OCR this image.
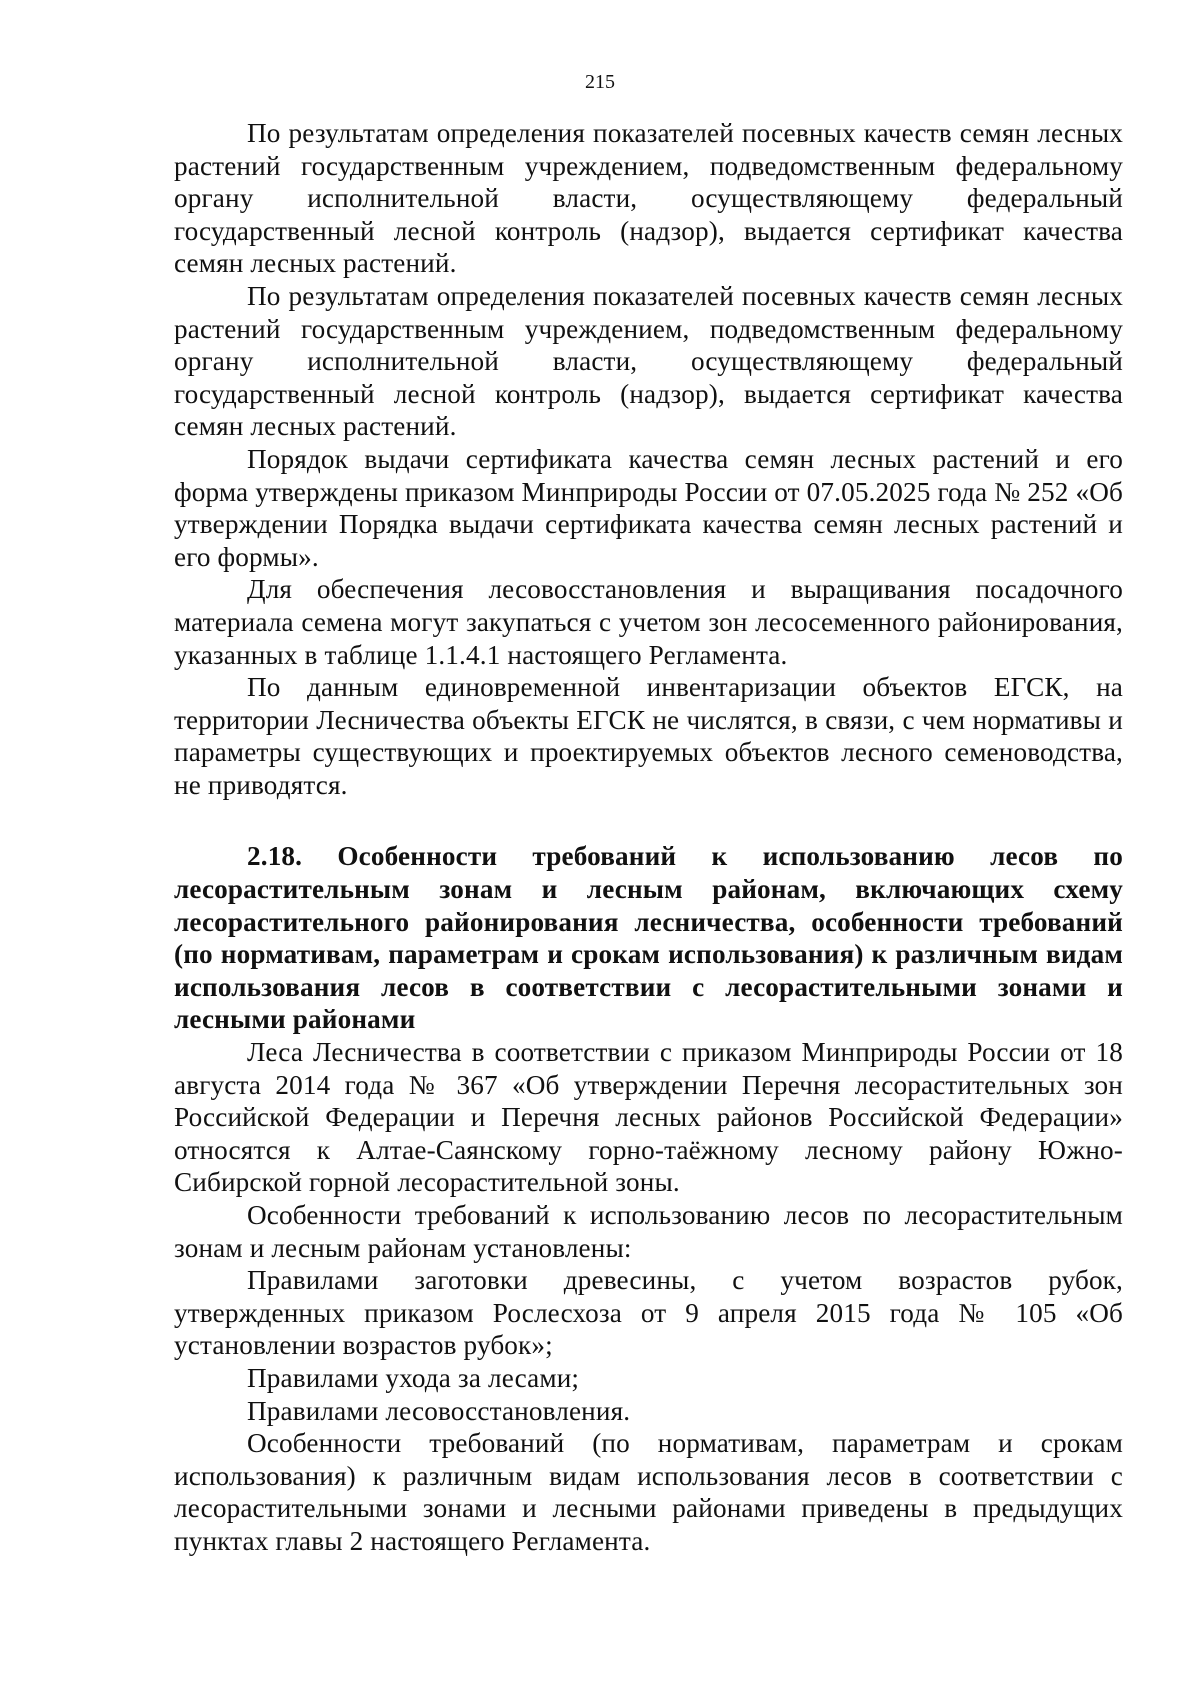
215

По результатам определения показателей посевных качеств семян лесных растений государственным учреждением, подведомственным федеральному органу исполнительной власти, осуществляющему федеральный государственный лесной контроль (надзор), выдается сертификат качества семян лесных растений.

По результатам определения показателей посевных качеств семян лесных растений государственным учреждением, подведомственным федеральному органу исполнительной власти, осуществляющему федеральный государственный лесной контроль (надзор), выдается сертификат качества семян лесных растений.

Порядок выдачи сертификата качества семян лесных растений и его форма утверждены приказом Минприроды России от 07.05.2025 года № 252 «Об утверждении Порядка выдачи сертификата качества семян лесных растений и его формы».

Для обеспечения лесовосстановления и выращивания посадочного материала семена могут закупаться с учетом зон лесосеменного районирования, указанных в таблице 1.1.4.1 настоящего Регламента.

По данным единовременной инвентаризации объектов ЕГСК, на территории Лесничества объекты ЕГСК не числятся, в связи, с чем нормативы и параметры существующих и проектируемых объектов лесного семеноводства, не приводятся.

2.18. Особенности требований к использованию лесов по лесорастительным зонам и лесным районам, включающих схему лесорастительного районирования лесничества, особенности требований (по нормативам, параметрам и срокам использования) к различным видам использования лесов в соответствии с лесорастительными зонами и лесными районами

Леса Лесничества в соответствии с приказом Минприроды России от 18 августа 2014 года № 367 «Об утверждении Перечня лесорастительных зон Российской Федерации и Перечня лесных районов Российской Федерации» относятся к Алтае-Саянскому горно-таёжному лесному району Южно-Сибирской горной лесорастительной зоны.

Особенности требований к использованию лесов по лесорастительным зонам и лесным районам установлены:

Правилами заготовки древесины, с учетом возрастов рубок, утвержденных приказом Рослесхоза от 9 апреля 2015 года № 105 «Об установлении возрастов рубок»;

Правилами ухода за лесами;

Правилами лесовосстановления.

Особенности требований (по нормативам, параметрам и срокам использования) к различным видам использования лесов в соответствии с лесорастительными зонами и лесными районами приведены в предыдущих пунктах главы 2 настоящего Регламента.
